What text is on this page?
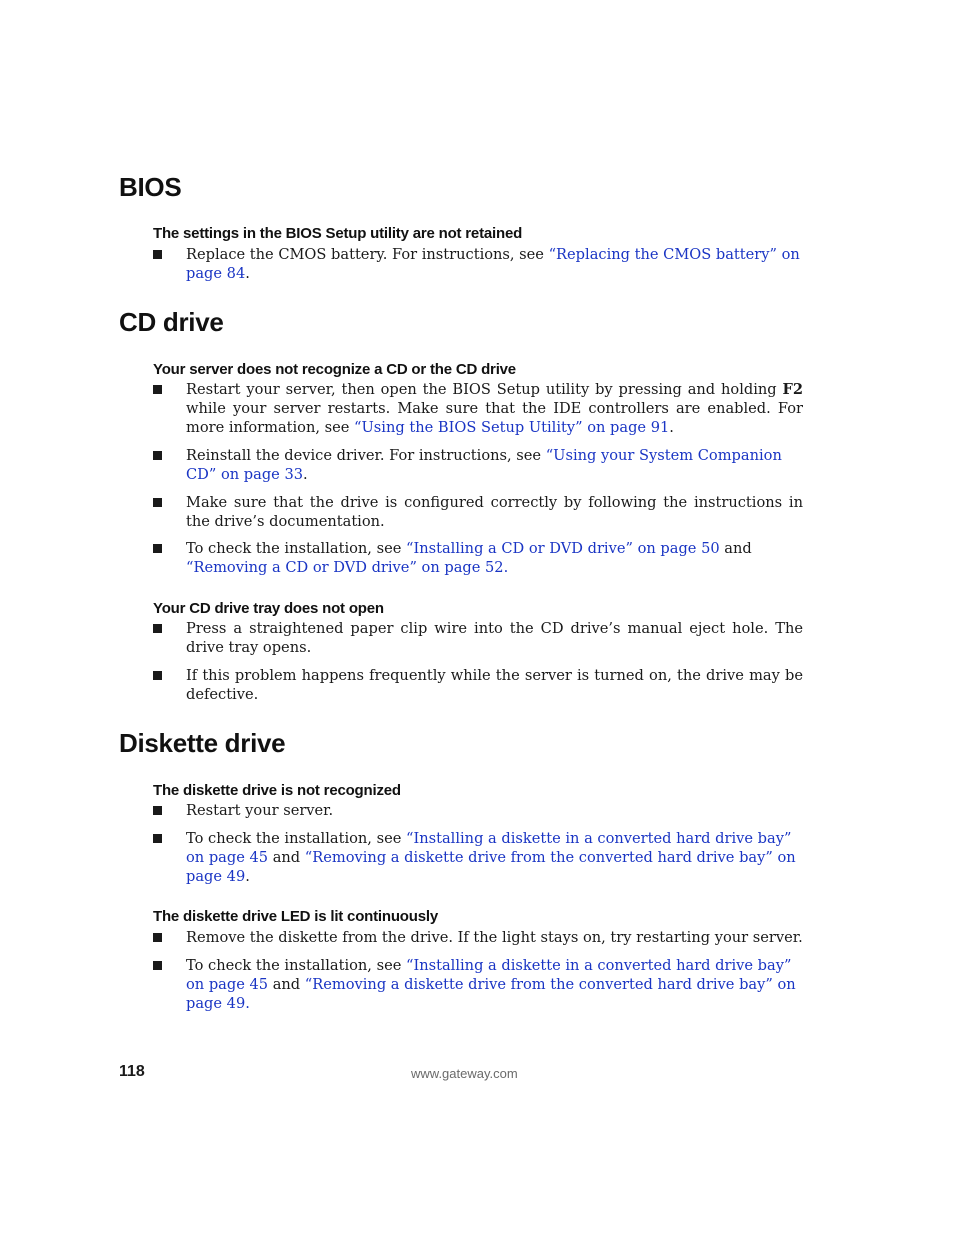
BIOS
The settings in the BIOS Setup utility are not retained
Replace the CMOS battery. For instructions, see “Replacing the CMOS battery” on page 84.
CD drive
Your server does not recognize a CD or the CD drive
Restart your server, then open the BIOS Setup utility by pressing and holding F2 while your server restarts. Make sure that the IDE controllers are enabled. For more information, see “Using the BIOS Setup Utility” on page 91.
Reinstall the device driver. For instructions, see “Using your System Companion CD” on page 33.
Make sure that the drive is configured correctly by following the instructions in the drive’s documentation.
To check the installation, see “Installing a CD or DVD drive” on page 50 and “Removing a CD or DVD drive” on page 52.
Your CD drive tray does not open
Press a straightened paper clip wire into the CD drive’s manual eject hole. The drive tray opens.
If this problem happens frequently while the server is turned on, the drive may be defective.
Diskette drive
The diskette drive is not recognized
Restart your server.
To check the installation, see “Installing a diskette in a converted hard drive bay” on page 45 and “Removing a diskette drive from the converted hard drive bay” on page 49.
The diskette drive LED is lit continuously
Remove the diskette from the drive. If the light stays on, try restarting your server.
To check the installation, see “Installing a diskette in a converted hard drive bay” on page 45 and “Removing a diskette drive from the converted hard drive bay” on page 49.

118	www.gateway.com
